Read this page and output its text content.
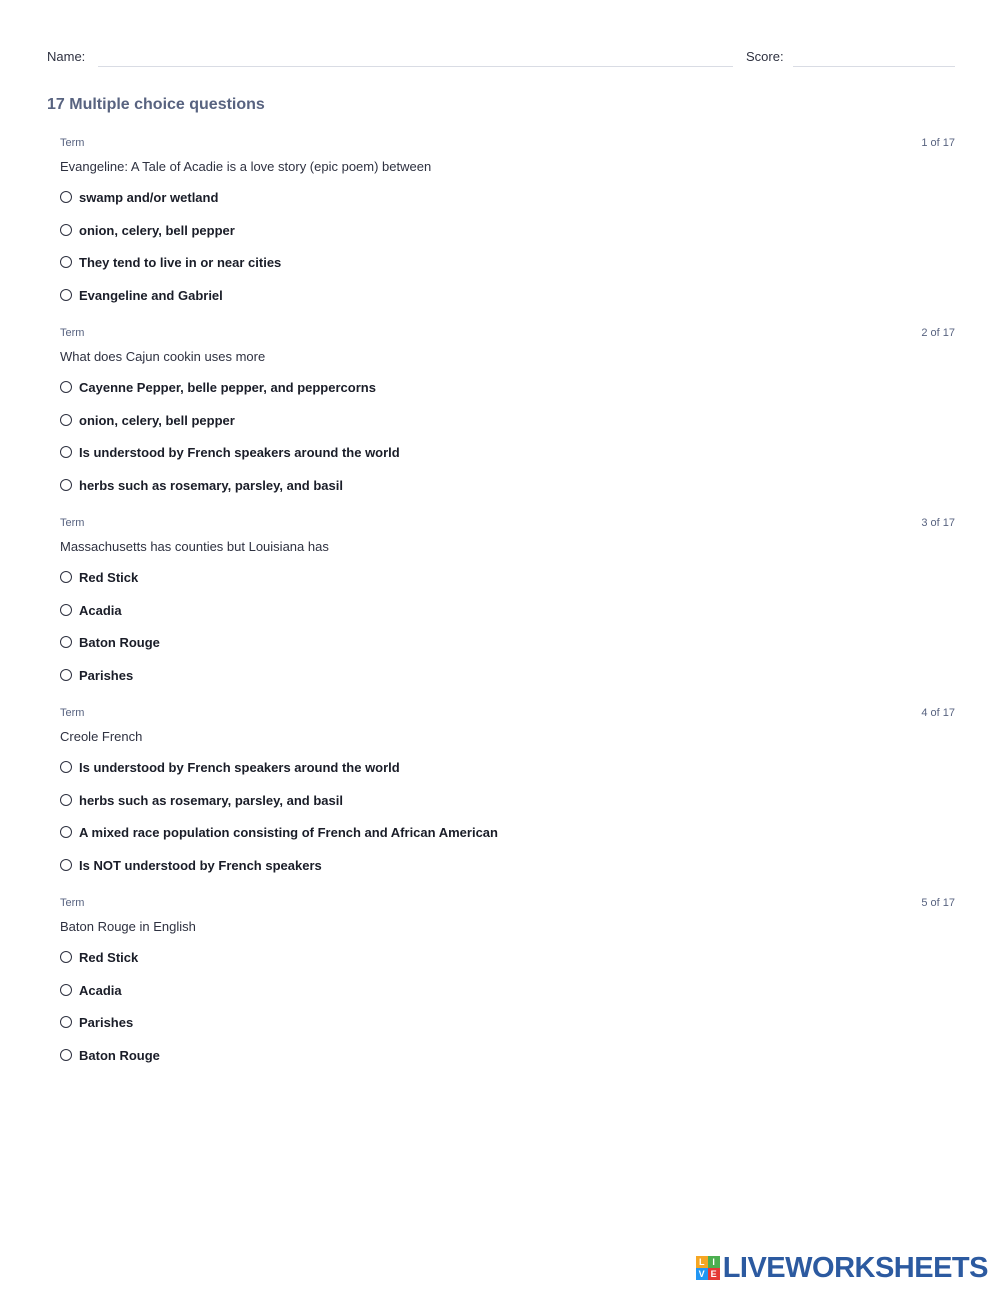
Name:	Score:
17 Multiple choice questions
Term	1 of 17
Evangeline: A Tale of Acadie is a love story (epic poem) between
swamp and/or wetland
onion, celery, bell pepper
They tend to live in or near cities
Evangeline and Gabriel
Term	2 of 17
What does Cajun cookin uses more
Cayenne Pepper, belle pepper, and peppercorns
onion, celery, bell pepper
Is understood by French speakers around the world
herbs such as rosemary, parsley, and basil
Term	3 of 17
Massachusetts has counties but Louisiana has
Red Stick
Acadia
Baton Rouge
Parishes
Term	4 of 17
Creole French
Is understood by French speakers around the world
herbs such as rosemary, parsley, and basil
A mixed race population consisting of French and African American
Is NOT understood by French speakers
Term	5 of 17
Baton Rouge in English
Red Stick
Acadia
Parishes
Baton Rouge
L I
V E LIVEWORKSHEETS
